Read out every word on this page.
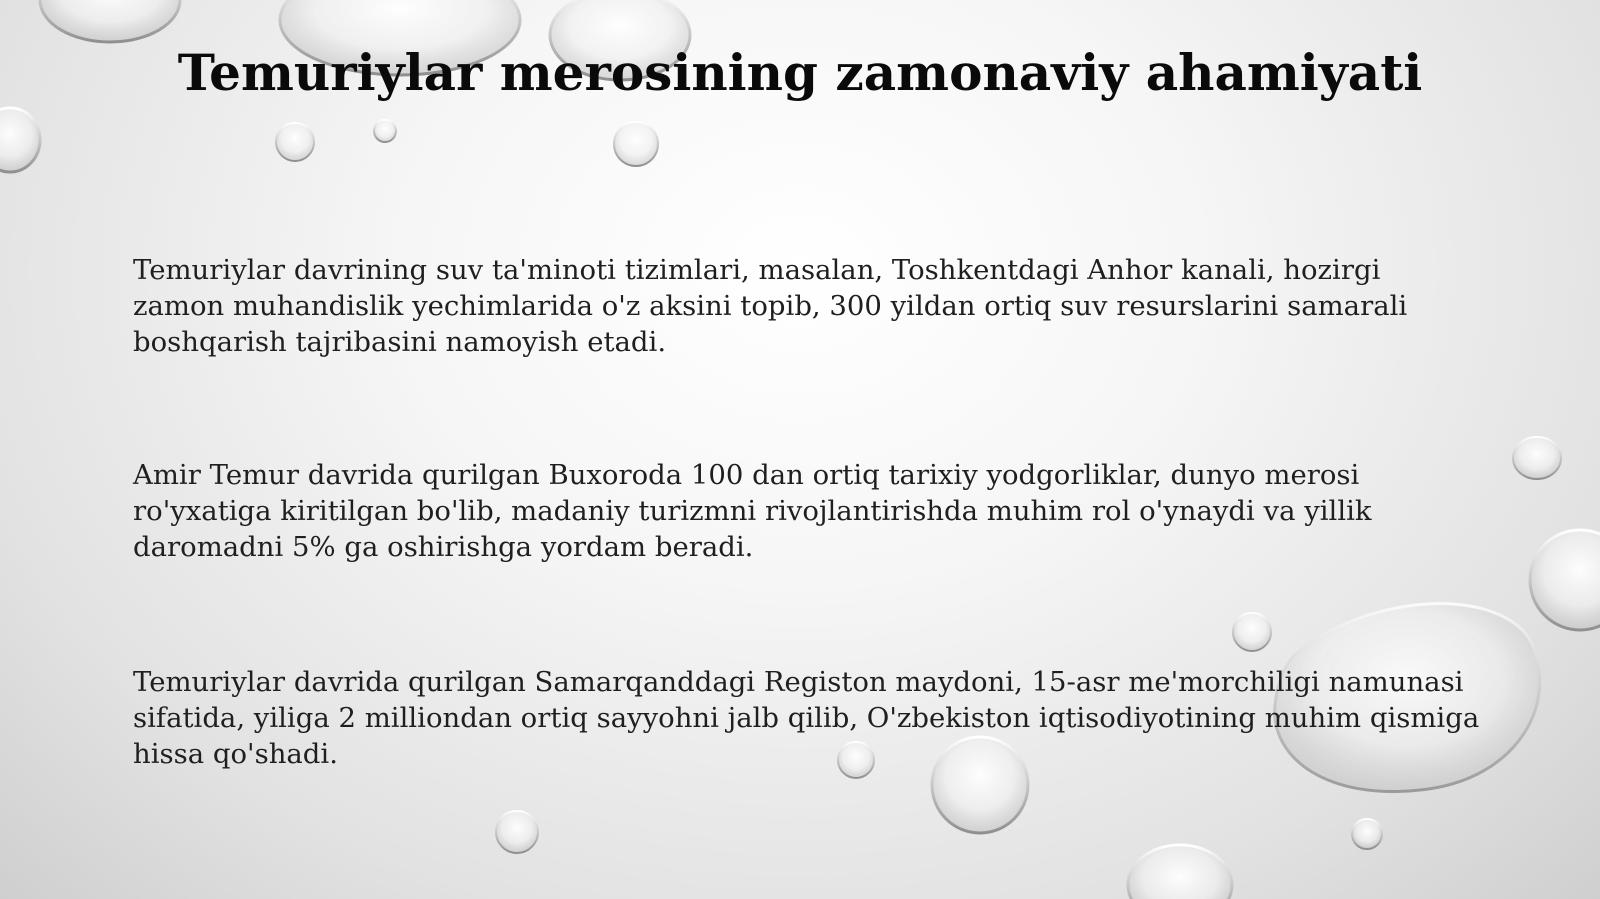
Temuriylar merosining zamonaviy ahamiyati

Temuriylar davrining suv ta'minoti tizimlari, masalan, Toshkentdagi Anhor kanali, hozirgi
zamon muhandislik yechimlarida o'z aksini topib, 300 yildan ortiq suv resurslarini samarali
boshqarish tajribasini namoyish etadi.

Amir Temur davrida qurilgan Buxoroda 100 dan ortiq tarixiy yodgorliklar, dunyo merosi
ro'yxatiga kiritilgan bo'lib, madaniy turizmni rivojlantirishda muhim rol o'ynaydi va yillik
daromadni 5% ga oshirishga yordam beradi.

Temuriylar davrida qurilgan Samarqanddagi Registon maydoni, 15-asr me'morchiligi namunasi
sifatida, yiliga 2 milliondan ortiq sayyohni jalb qilib, O'zbekiston iqtisodiyotining muhim qismiga
hissa qo'shadi.
